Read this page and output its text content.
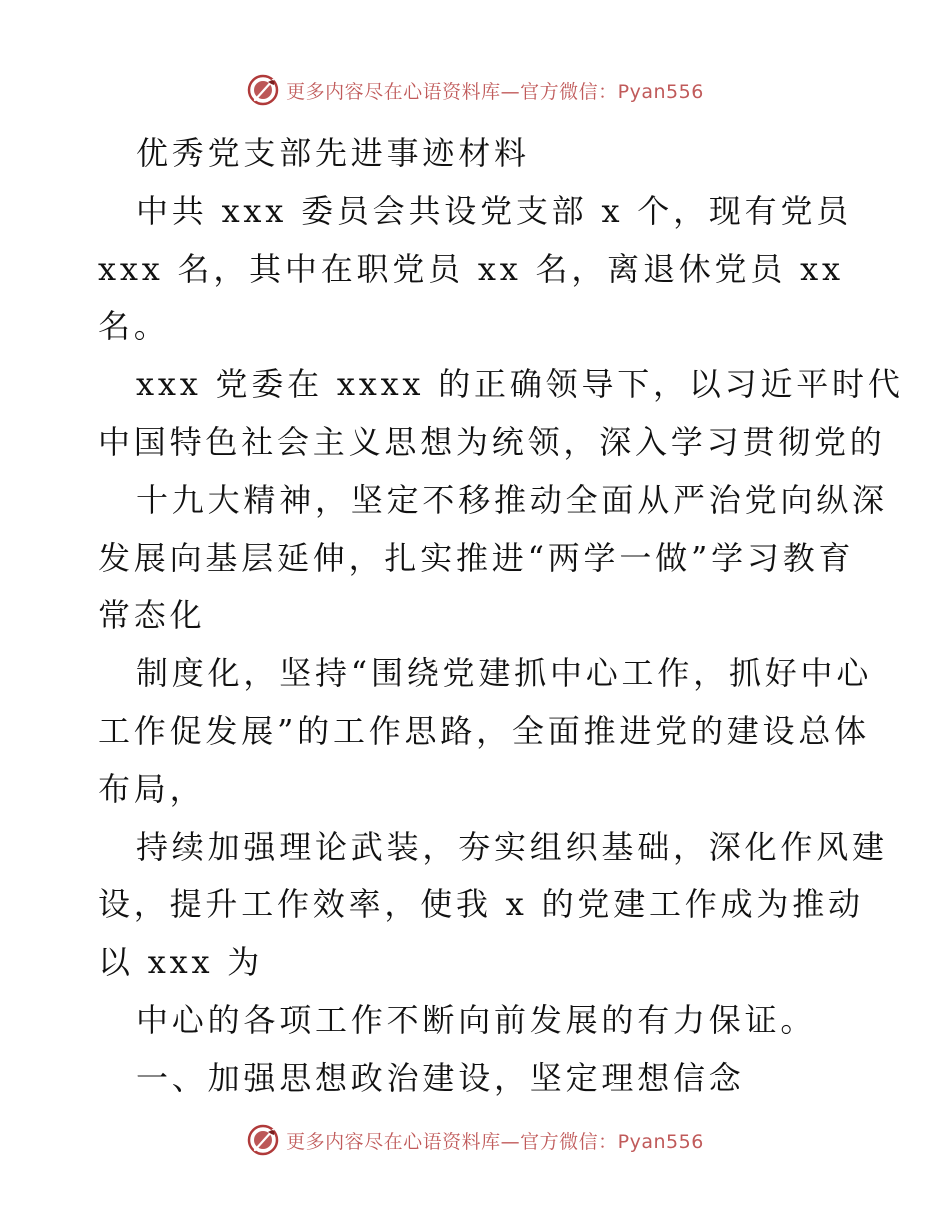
更多内容尽在心语资料库—官方微信：Pyan556
优秀党支部先进事迹材料
中共 xxx 委员会共设党支部 x 个，现有党员
xxx 名，其中在职党员 xx 名，离退休党员 xx
名。
xxx 党委在 xxxx 的正确领导下，以习近平时代
中国特色社会主义思想为统领，深入学习贯彻党的
十九大精神，坚定不移推动全面从严治党向纵深
发展向基层延伸，扎实推进“两学一做”学习教育
常态化
制度化，坚持“围绕党建抓中心工作，抓好中心
工作促发展”的工作思路，全面推进党的建设总体
布局，
持续加强理论武装，夯实组织基础，深化作风建
设，提升工作效率，使我 x 的党建工作成为推动
以 xxx 为
中心的各项工作不断向前发展的有力保证。
一、加强思想政治建设，坚定理想信念
更多内容尽在心语资料库—官方微信：Pyan556
